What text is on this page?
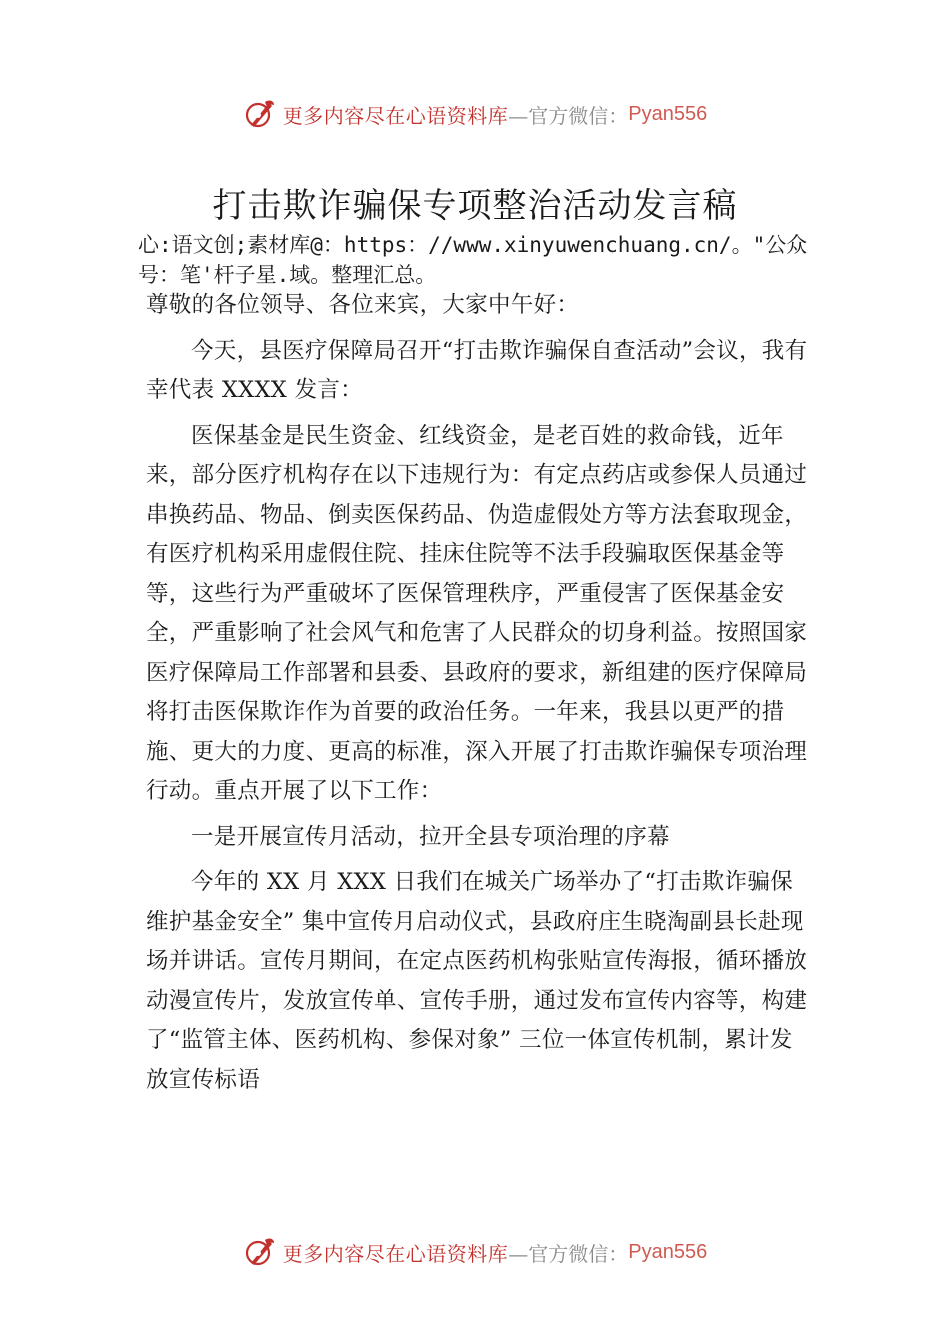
更多内容尽在心语资料库 —官方微信： Pyan556
打击欺诈骗保专项整治活动发言稿
心:语文创;素材库@：https：//www.xinyuwenchuang.cn/。"公众号：笔'杆子星.域。整理汇总。

尊敬的各位领导、各位来宾，大家中午好：

今天，县医疗保障局召开“打击欺诈骗保自查活动”会议，我有幸代表 XXXX 发言：

医保基金是民生资金、红线资金，是老百姓的救命钱，近年来，部分医疗机构存在以下违规行为：有定点药店或参保人员通过串换药品、物品、倒卖医保药品、伪造虚假处方等方法套取现金，有医疗机构采用虚假住院、挂床住院等不法手段骗取医保基金等等，这些行为严重破坏了医保管理秩序，严重侵害了医保基金安全，严重影响了社会风气和危害了人民群众的切身利益。按照国家医疗保障局工作部署和县委、县政府的要求，新组建的医疗保障局将打击医保欺诈作为首要的政治任务。一年来，我县以更严的措施、更大的力度、更高的标准，深入开展了打击欺诈骗保专项治理行动。重点开展了以下工作：

一是开展宣传月活动，拉开全县专项治理的序幕

今年的 XX 月 XXX 日我们在城关广场举办了“打击欺诈骗保 维护基金安全” 集中宣传月启动仪式，县政府庄生晓淘副县长赴现场并讲话。宣传月期间，在定点医药机构张贴宣传海报，循环播放动漫宣传片，发放宣传单、宣传手册，通过发布宣传内容等，构建了“监管主体、医药机构、参保对象” 三位一体宣传机制，累计发放宣传标语

更多内容尽在心语资料库 —官方微信： Pyan556
